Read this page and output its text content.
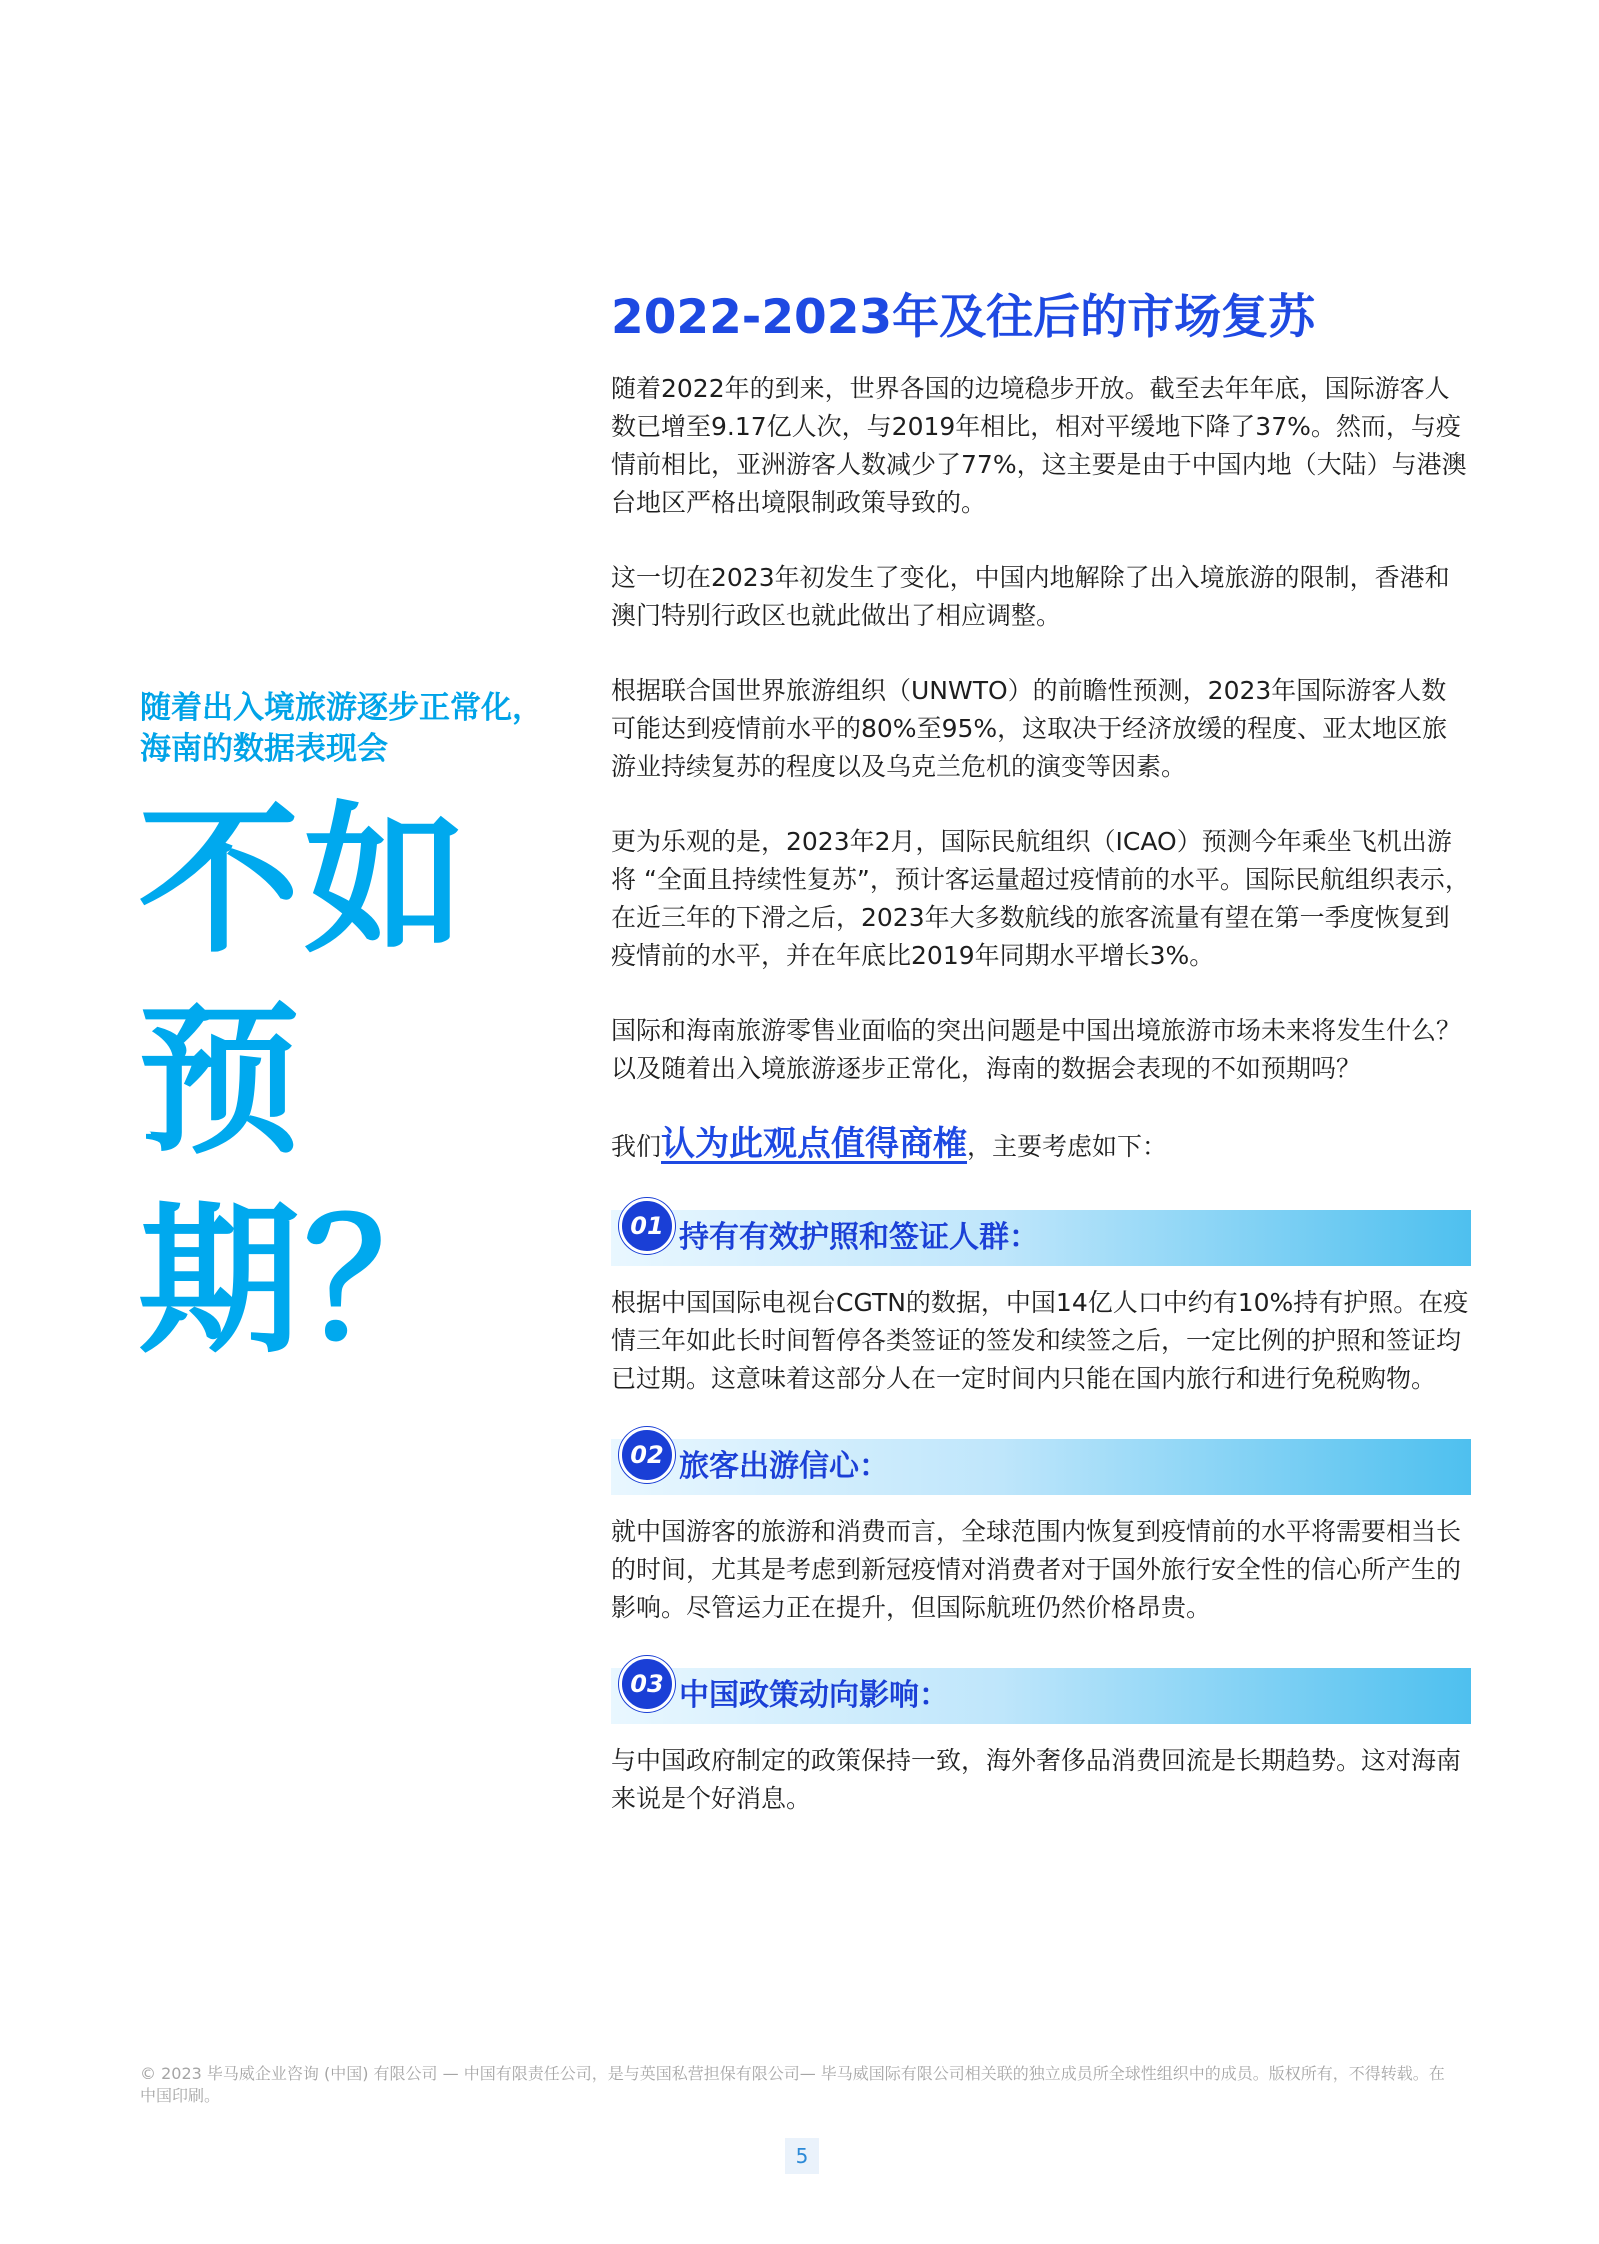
随着出入境旅游逐步正常化，海南的数据表现会
不如
预期？
2022-2023年及往后的市场复苏

随着2022年的到来，世界各国的边境稳步开放。截至去年年底，国际游客人数已增至9.17亿人次，与2019年相比，相对平缓地下降了37%。然而，与疫情前相比，亚洲游客人数减少了77%，这主要是由于中国内地（大陆）与港澳台地区严格出境限制政策导致的。

这一切在2023年初发生了变化，中国内地解除了出入境旅游的限制，香港和澳门特别行政区也就此做出了相应调整。

根据联合国世界旅游组织（UNWTO）的前瞻性预测，2023年国际游客人数可能达到疫情前水平的80%至95%，这取决于经济放缓的程度、亚太地区旅游业持续复苏的程度以及乌克兰危机的演变等因素。

更为乐观的是，2023年2月，国际民航组织（ICAO）预测今年乘坐飞机出游将 “全面且持续性复苏”，预计客运量超过疫情前的水平。国际民航组织表示，在近三年的下滑之后，2023年大多数航线的旅客流量有望在第一季度恢复到疫情前的水平，并在年底比2019年同期水平增长3%。

国际和海南旅游零售业面临的突出问题是中国出境旅游市场未来将发生什么？以及随着出入境旅游逐步正常化，海南的数据会表现的不如预期吗？

我们认为此观点值得商榷，主要考虑如下：

01 持有有效护照和签证人群：

根据中国国际电视台CGTN的数据，中国14亿人口中约有10%持有护照。在疫情三年如此长时间暂停各类签证的签发和续签之后，一定比例的护照和签证均已过期。这意味着这部分人在一定时间内只能在国内旅行和进行免税购物。

02 旅客出游信心：

就中国游客的旅游和消费而言，全球范围内恢复到疫情前的水平将需要相当长的时间，尤其是考虑到新冠疫情对消费者对于国外旅行安全性的信心所产生的影响。尽管运力正在提升，但国际航班仍然价格昂贵。

03 中国政策动向影响：

与中国政府制定的政策保持一致，海外奢侈品消费回流是长期趋势。这对海南来说是个好消息。

© 2023 毕马威企业咨询 (中国) 有限公司 — 中国有限责任公司，是与英国私营担保有限公司— 毕马威国际有限公司相关联的独立成员所全球性组织中的成员。版权所有，不得转载。在中国印刷。
5
